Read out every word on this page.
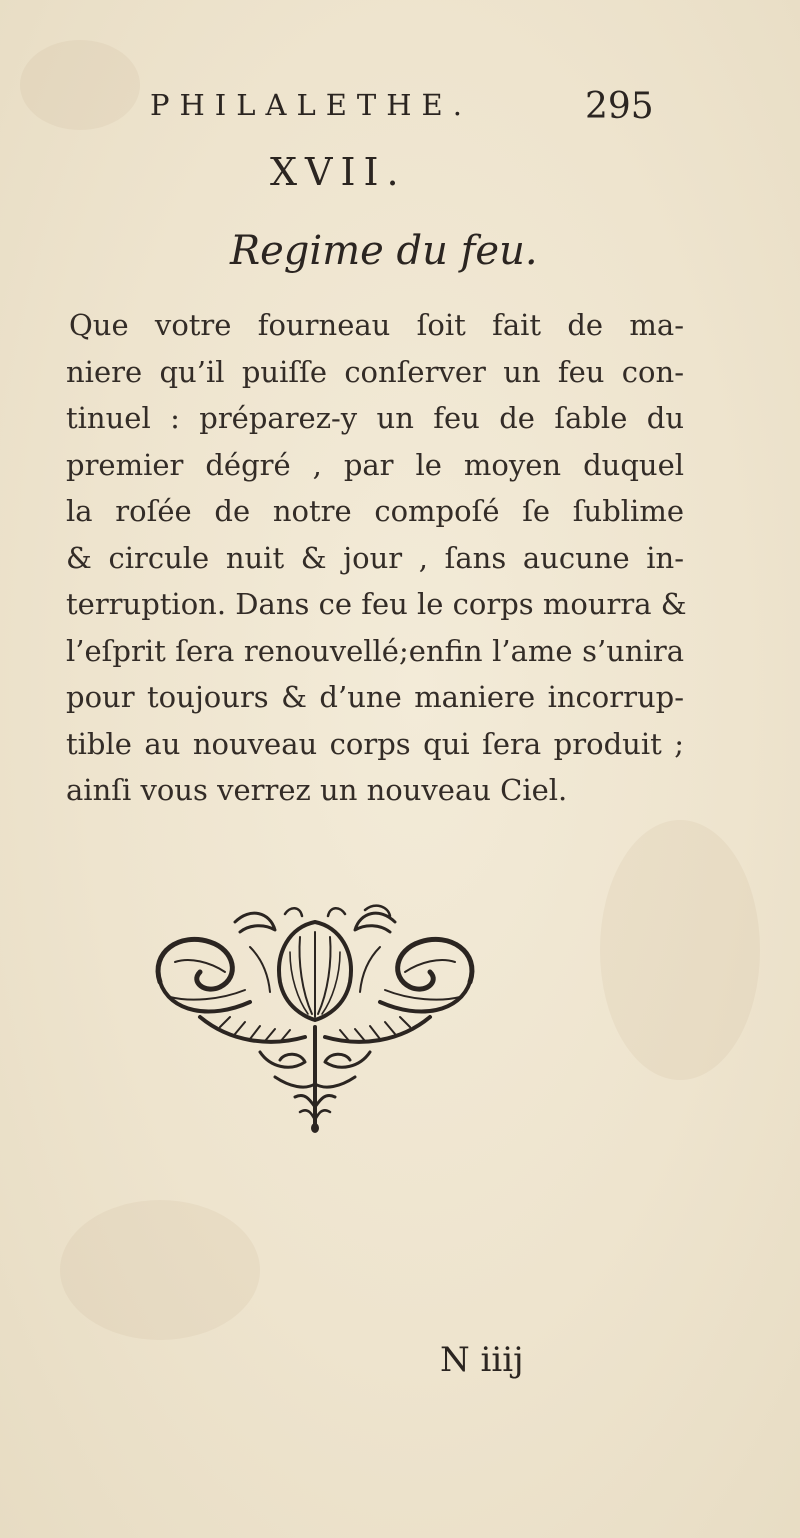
PHILALETHE.	295
XVII.
Regime du feu.
Que votre fourneau ſoit fait de ma-
niere qu’il puiſſe conſerver un feu con-
tinuel : préparez-y un feu de ſable du
premier dégré , par le moyen duquel
la roſée de notre compoſé ſe ſublime
& circule nuit & jour , ſans aucune in-
terruption. Dans ce feu le corps mourra &
l’eſprit ſera renouvellé;enfin l’ame s’unira
pour toujours & d’une maniere incorrup-
tible au nouveau corps qui ſera produit ;
ainſi vous verrez un nouveau Ciel.
N iiij
